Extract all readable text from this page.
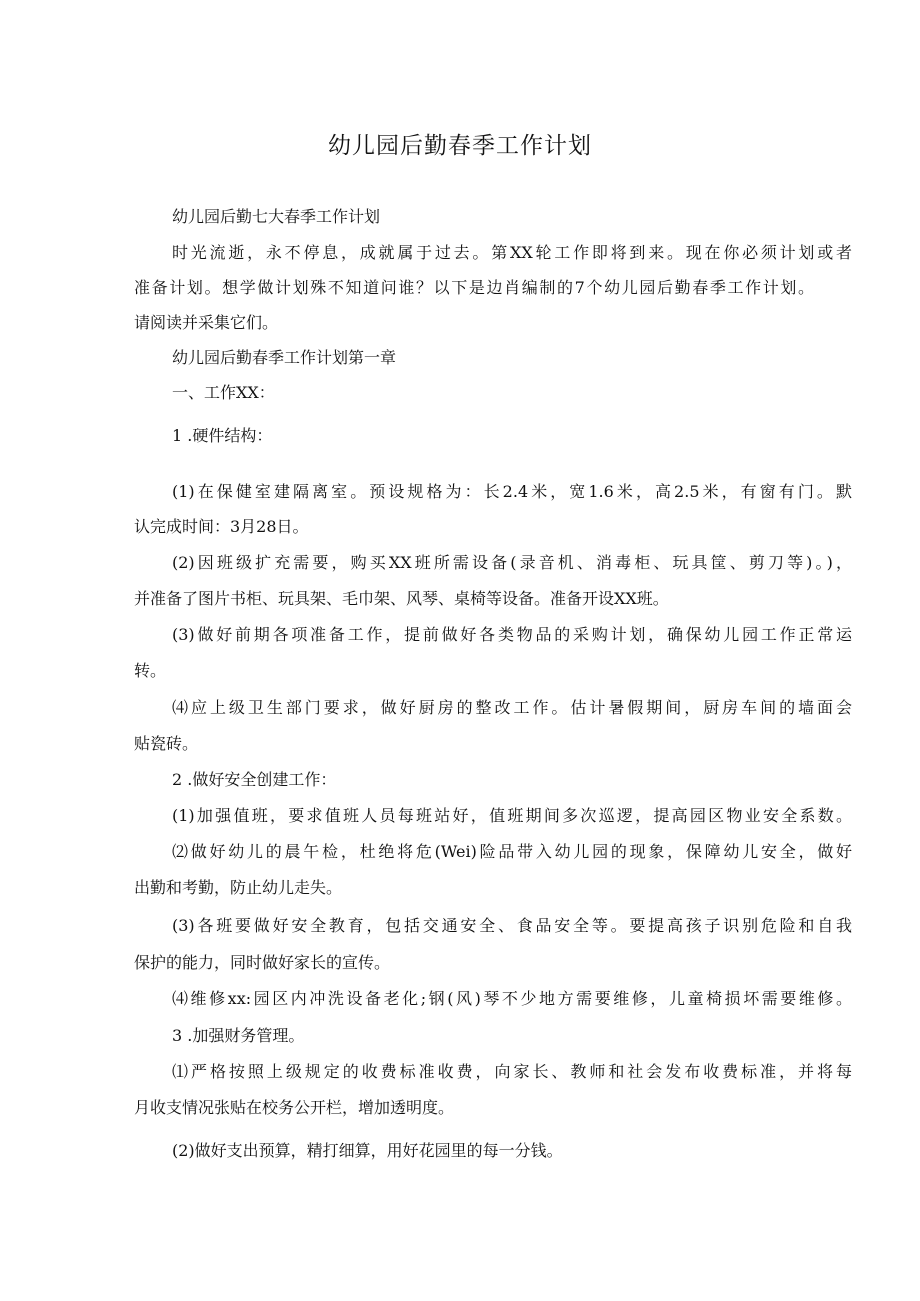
幼儿园后勤春季工作计划
幼儿园后勤七大春季工作计划
时光流逝，永不停息，成就属于过去。第XX轮工作即将到来。现在你必须计划或者
准备计划。想学做计划殊不知道问谁？以下是边肖编制的7个幼儿园后勤春季工作计划。
请阅读并采集它们。
幼儿园后勤春季工作计划第一章
一、工作XX：
1 .硬件结构：
(1)在保健室建隔离室。预设规格为：长2.4米，宽1.6米，高2.5米，有窗有门。默
认完成时间：3月28日。
(2)因班级扩充需要，购买XX班所需设备(录音机、消毒柜、玩具筐、剪刀等)。)，
并准备了图片书柜、玩具架、毛巾架、风琴、桌椅等设备。准备开设XX班。
(3)做好前期各项准备工作，提前做好各类物品的采购计划，确保幼儿园工作正常运
转。
⑷应上级卫生部门要求，做好厨房的整改工作。估计暑假期间，厨房车间的墙面会
贴瓷砖。
2 .做好安全创建工作：
(1)加强值班，要求值班人员每班站好，值班期间多次巡逻，提高园区物业安全系数。
⑵做好幼儿的晨午检，杜绝将危(Wei)险品带入幼儿园的现象，保障幼儿安全，做好
出勤和考勤，防止幼儿走失。
(3)各班要做好安全教育，包括交通安全、食品安全等。要提高孩子识别危险和自我
保护的能力，同时做好家长的宣传。
⑷维修xx:园区内冲洗设备老化;钢(风)琴不少地方需要维修，儿童椅损坏需要维修。
3 .加强财务管理。
⑴严格按照上级规定的收费标准收费，向家长、教师和社会发布收费标准，并将每
月收支情况张贴在校务公开栏，增加透明度。
(2)做好支出预算，精打细算，用好花园里的每一分钱。
